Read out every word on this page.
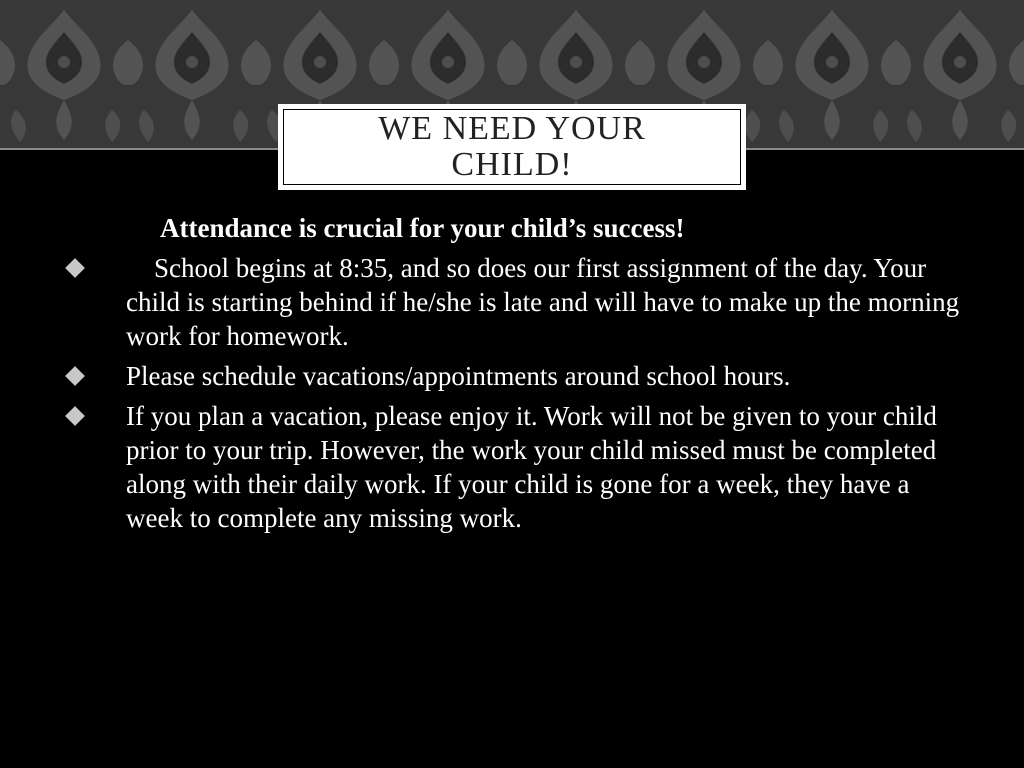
WE NEED YOUR CHILD!

Attendance is crucial for your child’s success!

School begins at 8:35, and so does our first assignment of the day. Your child is starting behind if he/she is late and will have to make up the morning work for homework.
Please schedule vacations/appointments around school hours.
If you plan a vacation, please enjoy it. Work will not be given to your child prior to your trip. However, the work your child missed must be completed along with their daily work. If your child is gone for a week, they have a week to complete any missing work.
